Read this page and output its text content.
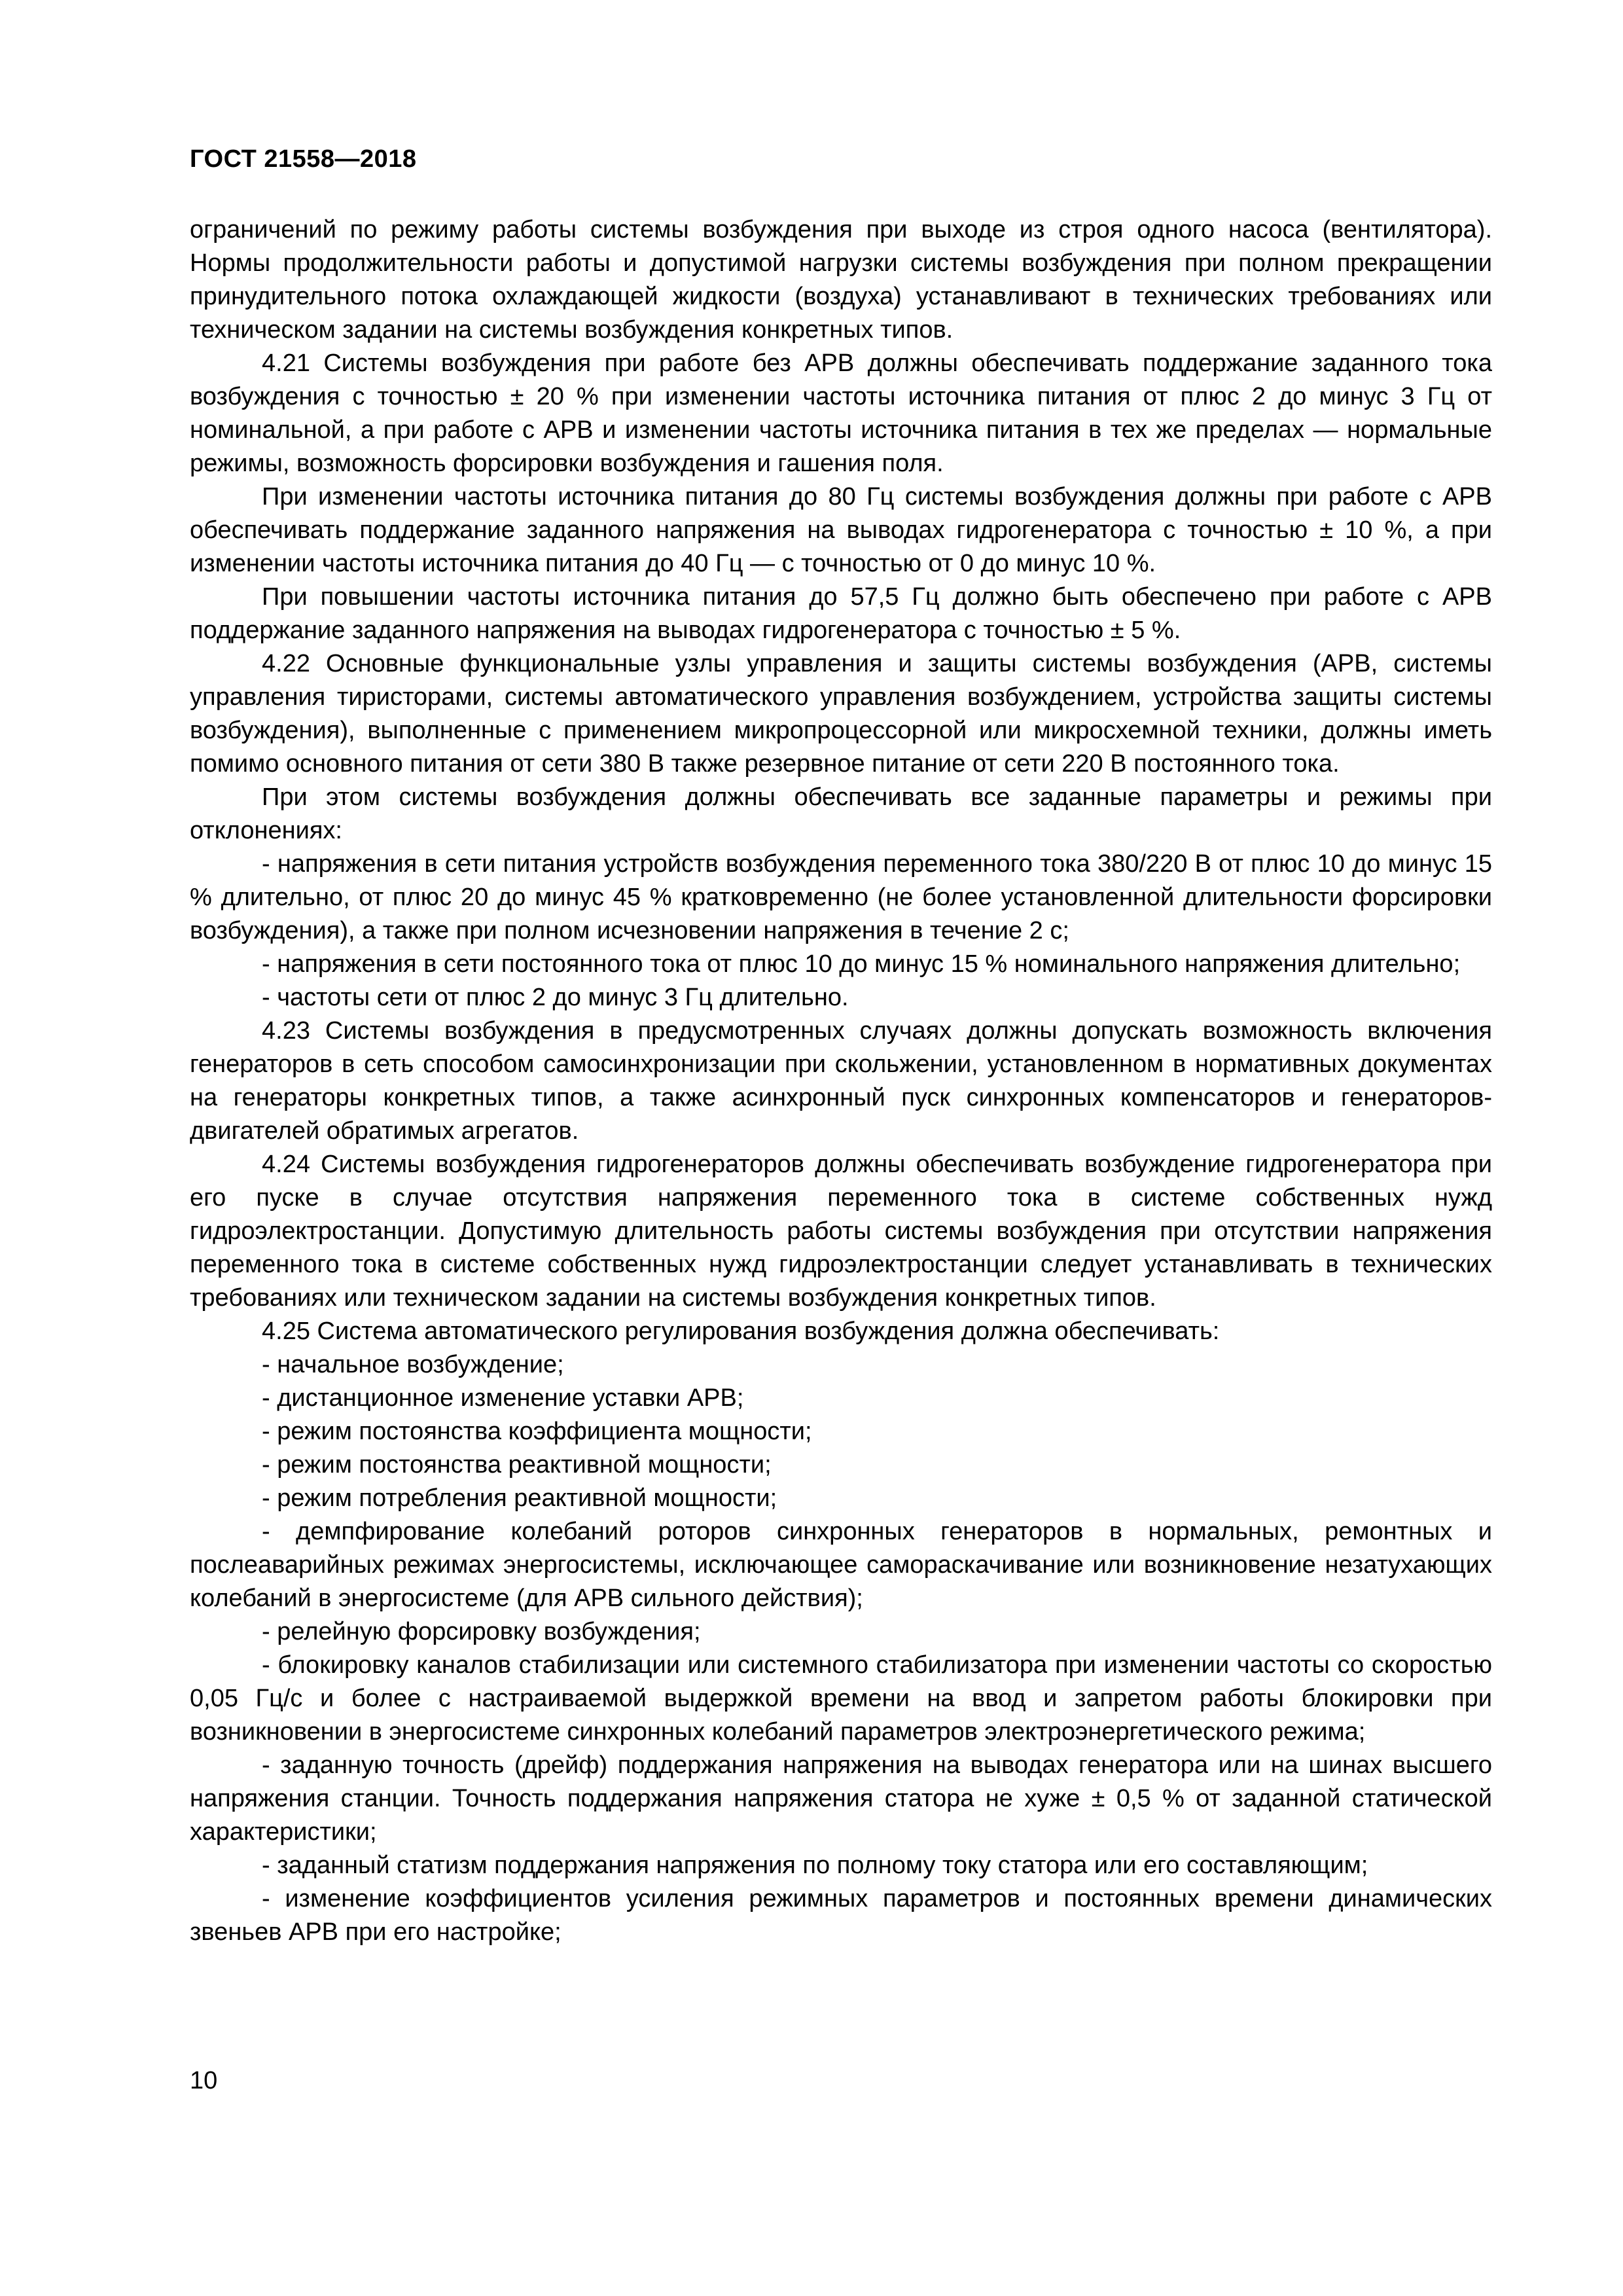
ГОСТ 21558—2018

ограничений по режиму работы системы возбуждения при выходе из строя одного насоса (вентилятора). Нормы продолжительности работы и допустимой нагрузки системы возбуждения при полном прекращении принудительного потока охлаждающей жидкости (воздуха) устанавливают в технических требованиях или техническом задании на системы возбуждения конкретных типов.

4.21 Системы возбуждения при работе без АРВ должны обеспечивать поддержание заданного тока возбуждения с точностью ± 20 % при изменении частоты источника питания от плюс 2 до минус 3 Гц от номинальной, а при работе с АРВ и изменении частоты источника питания в тех же пределах — нормальные режимы, возможность форсировки возбуждения и гашения поля.

При изменении частоты источника питания до 80 Гц системы возбуждения должны при работе с АРВ обеспечивать поддержание заданного напряжения на выводах гидрогенератора с точностью ± 10 %, а при изменении частоты источника питания до 40 Гц — с точностью от 0 до минус 10 %.

При повышении частоты источника питания до 57,5 Гц должно быть обеспечено при работе с АРВ поддержание заданного напряжения на выводах гидрогенератора с точностью ± 5 %.

4.22 Основные функциональные узлы управления и защиты системы возбуждения (АРВ, системы управления тиристорами, системы автоматического управления возбуждением, устройства защиты системы возбуждения), выполненные с применением микропроцессорной или микросхемной техники, должны иметь помимо основного питания от сети 380 В также резервное питание от сети 220 В постоянного тока.

При этом системы возбуждения должны обеспечивать все заданные параметры и режимы при отклонениях:

- напряжения в сети питания устройств возбуждения переменного тока 380/220 В от плюс 10 до минус 15 % длительно, от плюс 20 до минус 45 % кратковременно (не более установленной длительности форсировки возбуждения), а также при полном исчезновении напряжения в течение 2 с;

- напряжения в сети постоянного тока от плюс 10 до минус 15 % номинального напряжения длительно;

- частоты сети от плюс 2 до минус 3 Гц длительно.

4.23 Системы возбуждения в предусмотренных случаях должны допускать возможность включения генераторов в сеть способом самосинхронизации при скольжении, установленном в нормативных документах на генераторы конкретных типов, а также асинхронный пуск синхронных компенсаторов и генераторов-двигателей обратимых агрегатов.

4.24 Системы возбуждения гидрогенераторов должны обеспечивать возбуждение гидрогенератора при его пуске в случае отсутствия напряжения переменного тока в системе собственных нужд гидроэлектростанции. Допустимую длительность работы системы возбуждения при отсутствии напряжения переменного тока в системе собственных нужд гидроэлектростанции следует устанавливать в технических требованиях или техническом задании на системы возбуждения конкретных типов.

4.25 Система автоматического регулирования возбуждения должна обеспечивать:

- начальное возбуждение;

- дистанционное изменение уставки АРВ;

- режим постоянства коэффициента мощности;

- режим постоянства реактивной мощности;

- режим потребления реактивной мощности;

- демпфирование колебаний роторов синхронных генераторов в нормальных, ремонтных и послеаварийных режимах энергосистемы, исключающее самораскачивание или возникновение незатухающих колебаний в энергосистеме (для АРВ сильного действия);

- релейную форсировку возбуждения;

- блокировку каналов стабилизации или системного стабилизатора при изменении частоты со скоростью 0,05 Гц/с и более с настраиваемой выдержкой времени на ввод и запретом работы блокировки при возникновении в энергосистеме синхронных колебаний параметров электроэнергетического режима;

- заданную точность (дрейф) поддержания напряжения на выводах генератора или на шинах высшего напряжения станции. Точность поддержания напряжения статора не хуже ± 0,5 % от заданной статической характеристики;

- заданный статизм поддержания напряжения по полному току статора или его составляющим;

- изменение коэффициентов усиления режимных параметров и постоянных времени динамических звеньев АРВ при его настройке;

10
